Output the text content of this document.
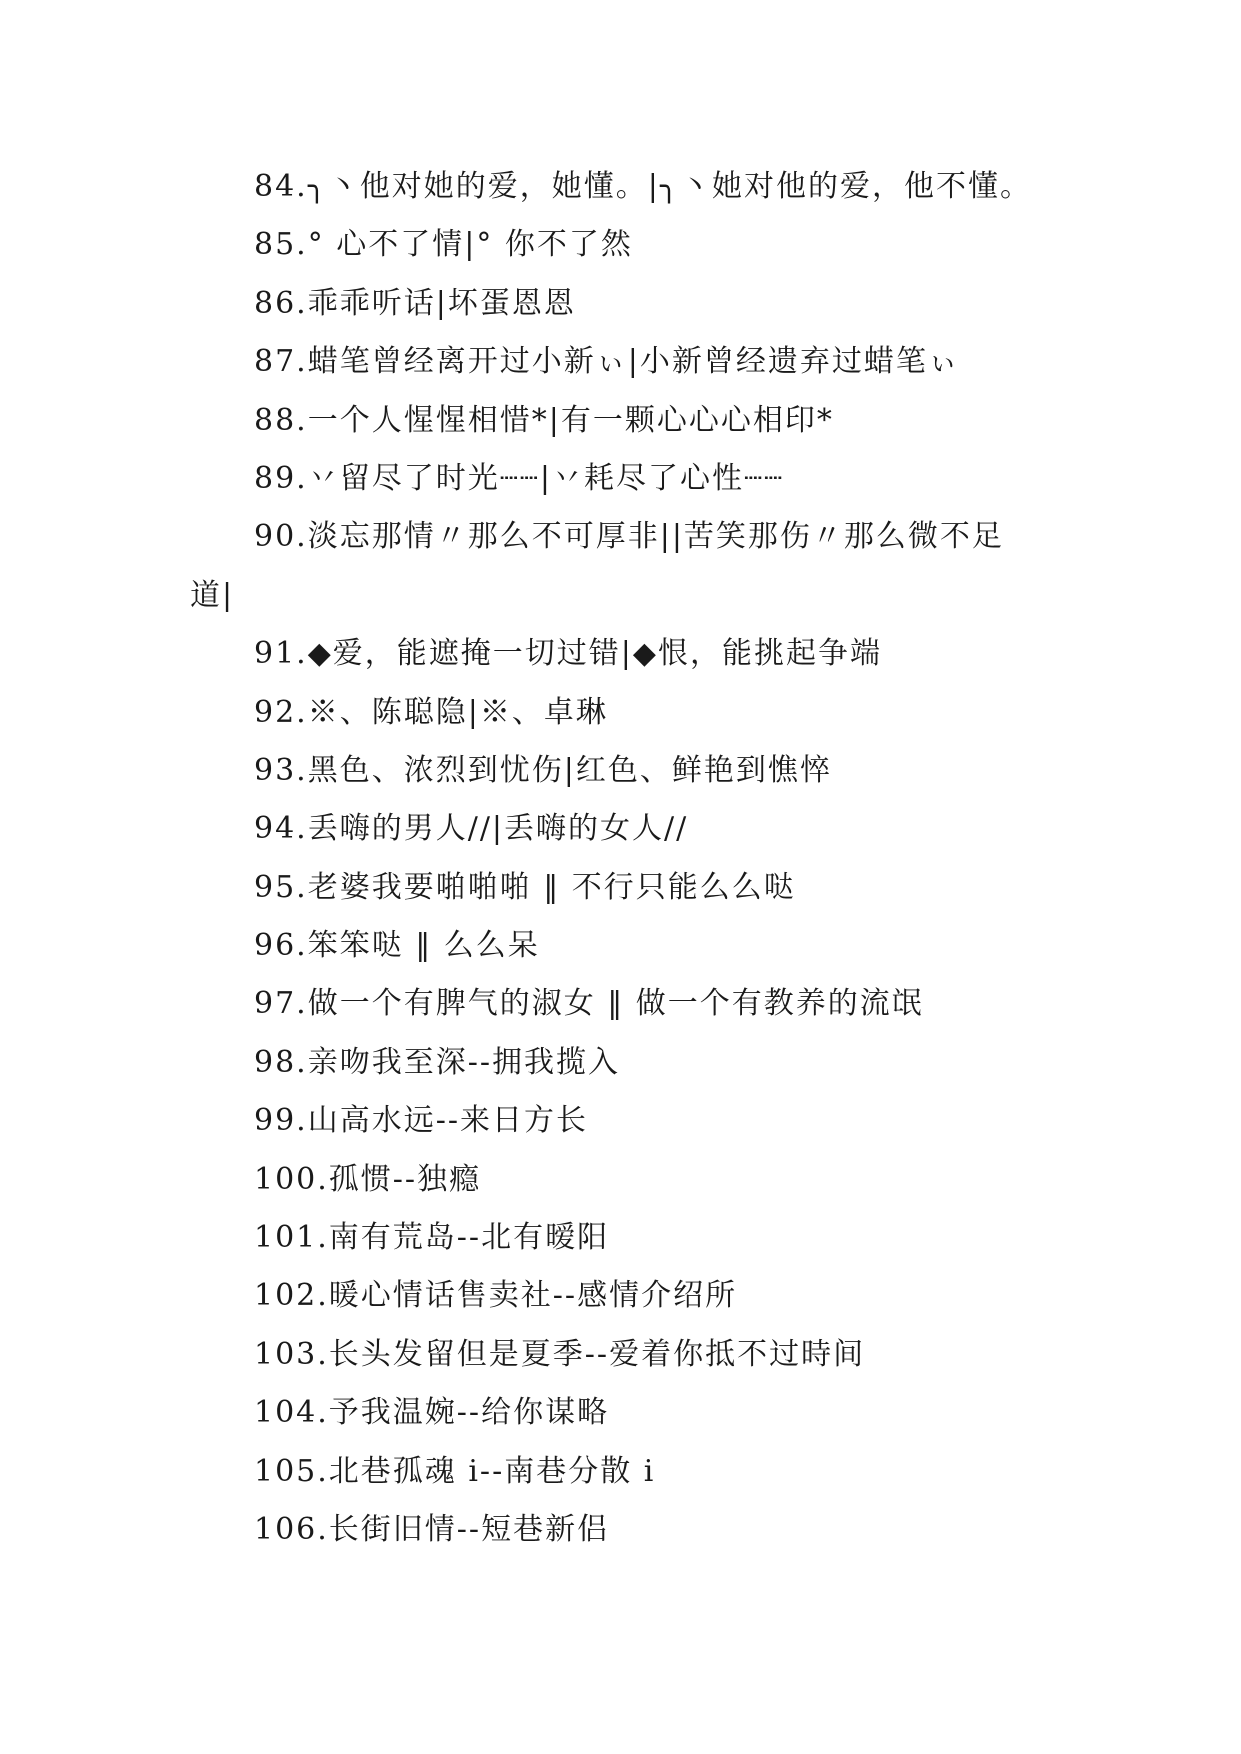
84.╮丶他对她的爱，她懂。|╮丶她对他的爱，他不懂。
85.° 心不了情|° 你不了然
86.乖乖听话|坏蛋恩恩
87.蜡笔曾经离开过小新ぃ|小新曾经遗弃过蜡笔ぃ
88.一个人惺惺相惜*|有一颗心心心相印*
89.丷留尽了时光┈┈|丷耗尽了心性┈┈
90.淡忘那情〃那么不可厚非||苦笑那伤〃那么微不足
道|
91.◆爱，能遮掩一切过错|◆恨，能挑起争端
92.※、陈聪隐|※、卓琳
93.黑色、浓烈到忧伤|红色、鲜艳到憔悴
94.丢嗨的男人//|丢嗨的女人//
95.老婆我要啪啪啪 ‖ 不行只能么么哒
96.笨笨哒 ‖ 么么呆
97.做一个有脾气的淑女 ‖ 做一个有教养的流氓
98.亲吻我至深--拥我揽入
99.山高水远--来日方长
100.孤惯--独瘾
101.南有荒岛--北有暧阳
102.暖心情话售卖社--感情介绍所
103.长头发留但是夏季--爱着你抵不过時间
104.予我温婉--给你谋略
105.北巷孤魂 i--南巷分散 i
106.长街旧情--短巷新侣
